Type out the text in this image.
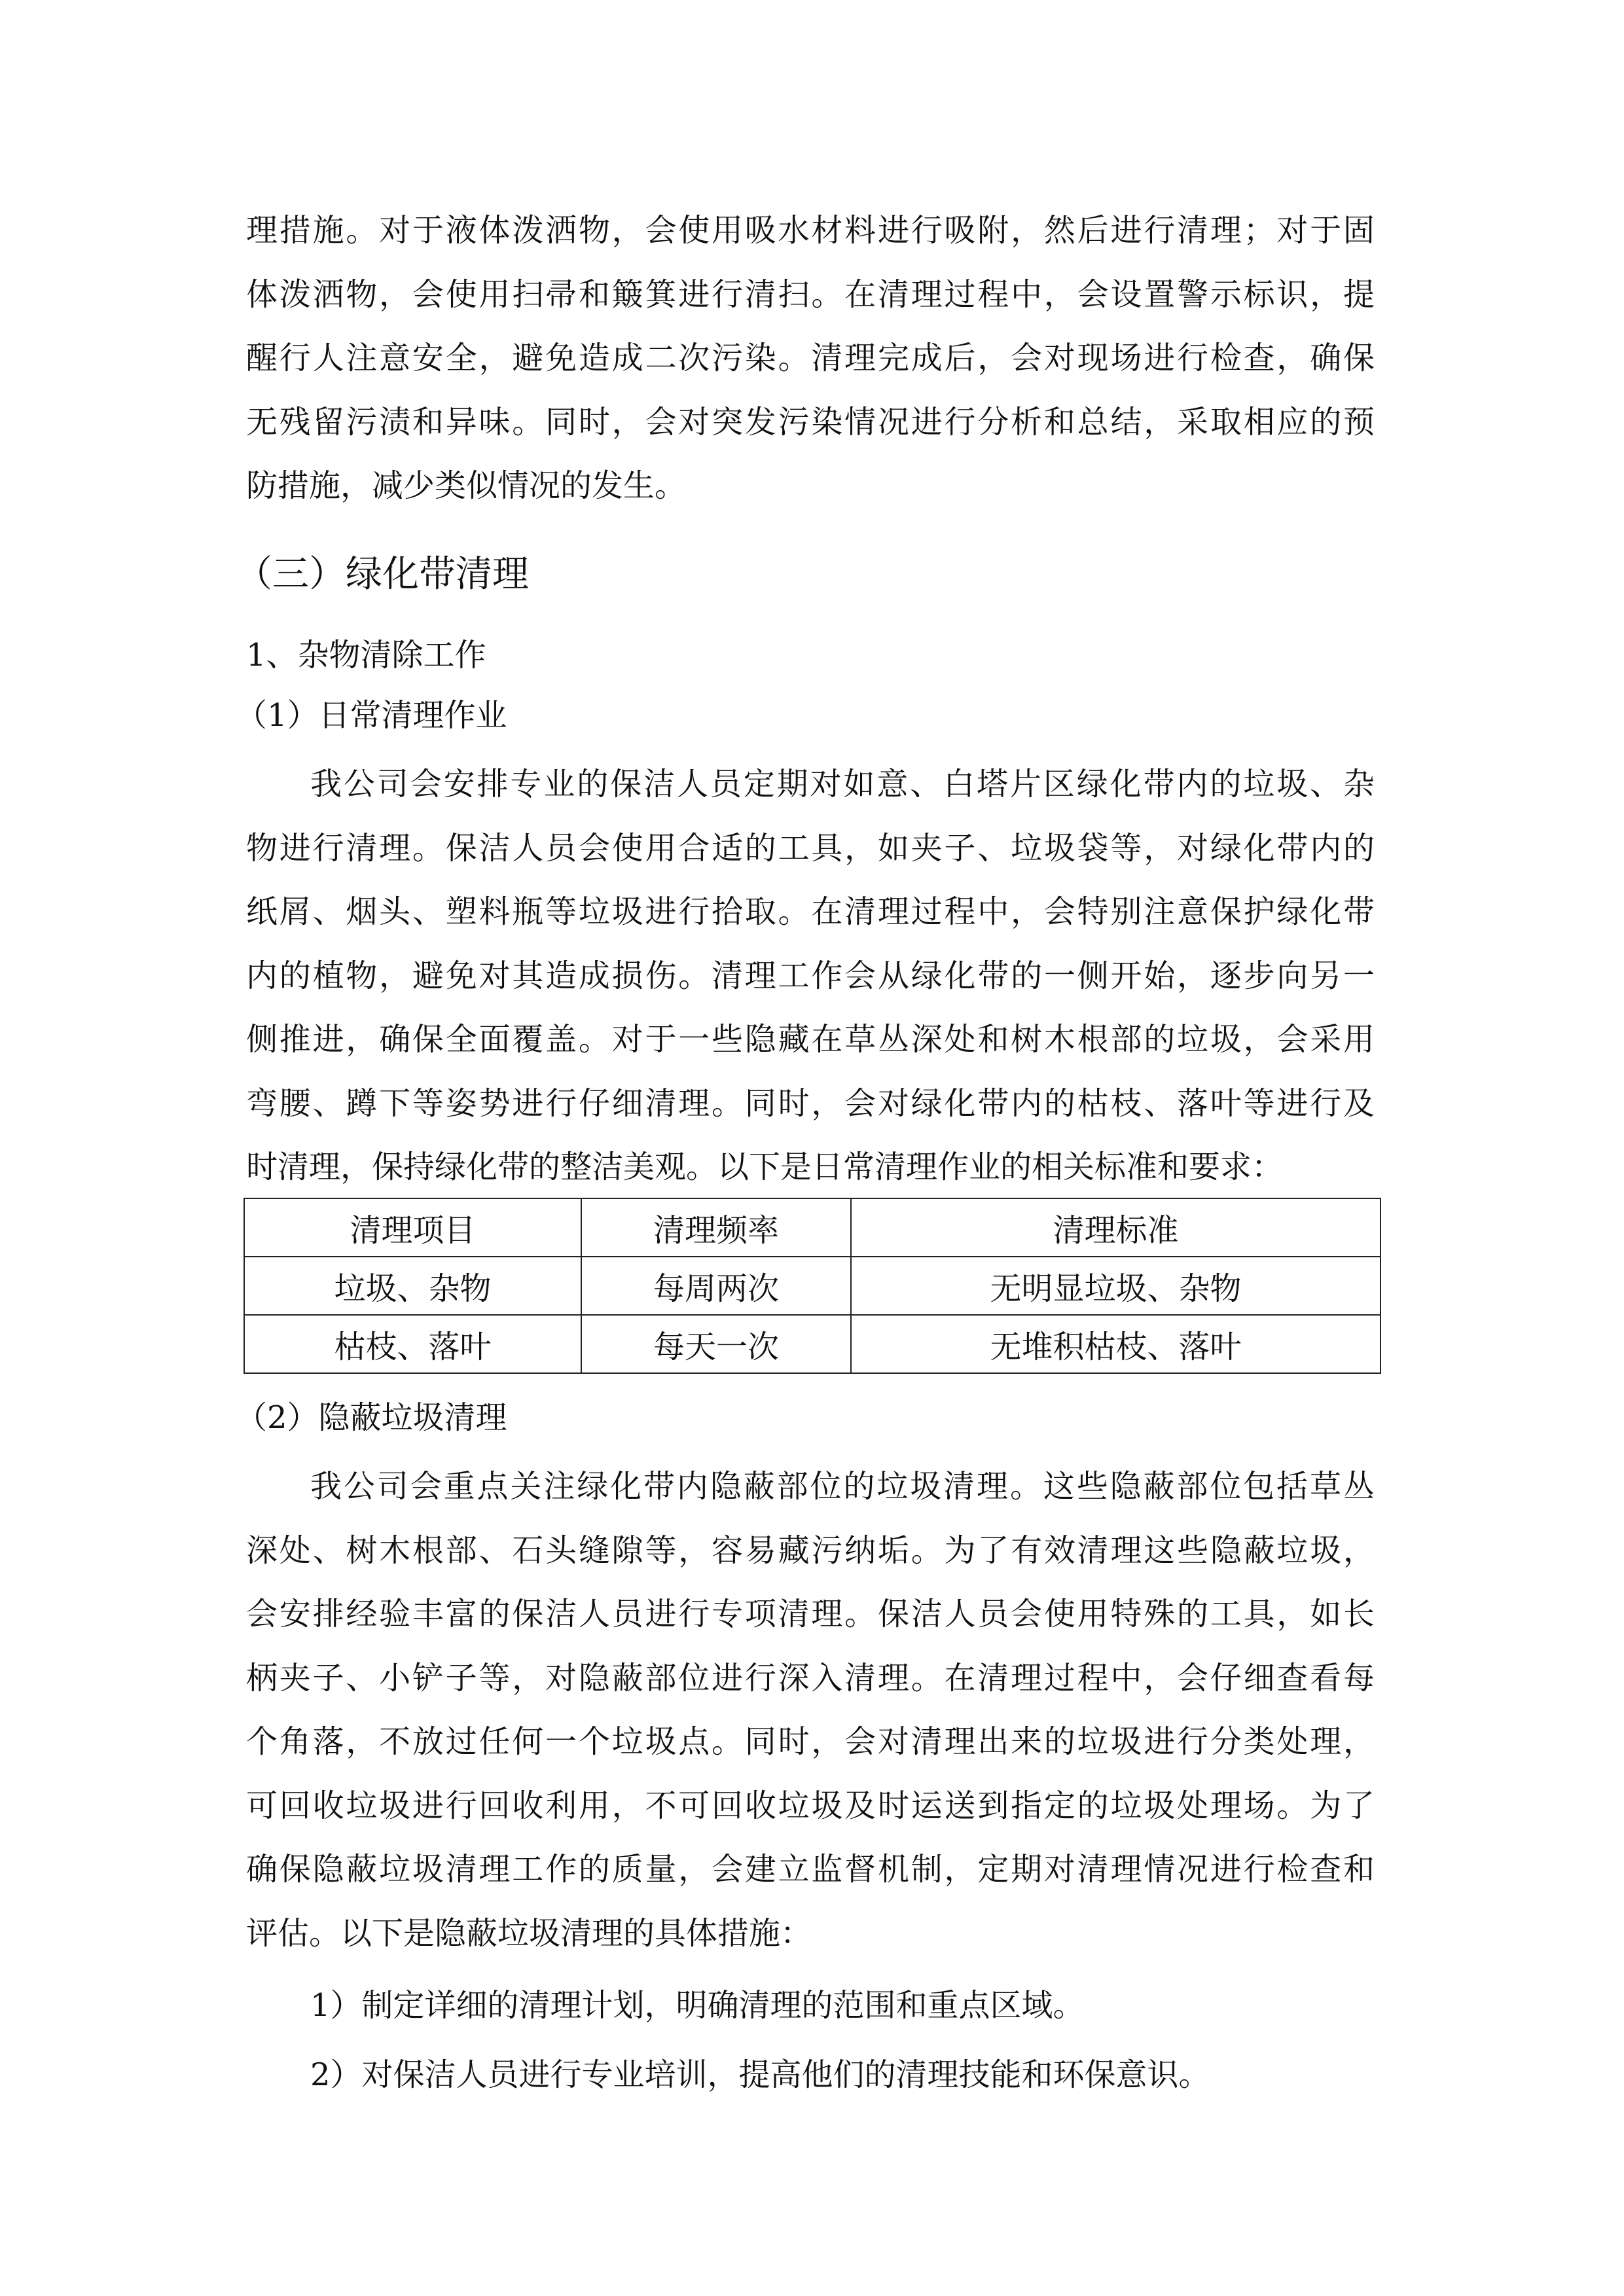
理措施。对于液体泼洒物，会使用吸水材料进行吸附，然后进行清理；对于固
体泼洒物，会使用扫帚和簸箕进行清扫。在清理过程中，会设置警示标识，提
醒行人注意安全，避免造成二次污染。清理完成后，会对现场进行检查，确保
无残留污渍和异味。同时，会对突发污染情况进行分析和总结，采取相应的预
防措施，减少类似情况的发生。
（三）绿化带清理
1、杂物清除工作
（1）日常清理作业
我公司会安排专业的保洁人员定期对如意、白塔片区绿化带内的垃圾、杂
物进行清理。保洁人员会使用合适的工具，如夹子、垃圾袋等，对绿化带内的
纸屑、烟头、塑料瓶等垃圾进行拾取。在清理过程中，会特别注意保护绿化带
内的植物，避免对其造成损伤。清理工作会从绿化带的一侧开始，逐步向另一
侧推进，确保全面覆盖。对于一些隐藏在草丛深处和树木根部的垃圾，会采用
弯腰、蹲下等姿势进行仔细清理。同时，会对绿化带内的枯枝、落叶等进行及
时清理，保持绿化带的整洁美观。以下是日常清理作业的相关标准和要求：
清理项目	清理频率	清理标准
垃圾、杂物	每周两次	无明显垃圾、杂物
枯枝、落叶	每天一次	无堆积枯枝、落叶
（2）隐蔽垃圾清理
我公司会重点关注绿化带内隐蔽部位的垃圾清理。这些隐蔽部位包括草丛
深处、树木根部、石头缝隙等，容易藏污纳垢。为了有效清理这些隐蔽垃圾，
会安排经验丰富的保洁人员进行专项清理。保洁人员会使用特殊的工具，如长
柄夹子、小铲子等，对隐蔽部位进行深入清理。在清理过程中，会仔细查看每
个角落，不放过任何一个垃圾点。同时，会对清理出来的垃圾进行分类处理，
可回收垃圾进行回收利用，不可回收垃圾及时运送到指定的垃圾处理场。为了
确保隐蔽垃圾清理工作的质量，会建立监督机制，定期对清理情况进行检查和
评估。以下是隐蔽垃圾清理的具体措施：
1）制定详细的清理计划，明确清理的范围和重点区域。
2）对保洁人员进行专业培训，提高他们的清理技能和环保意识。
